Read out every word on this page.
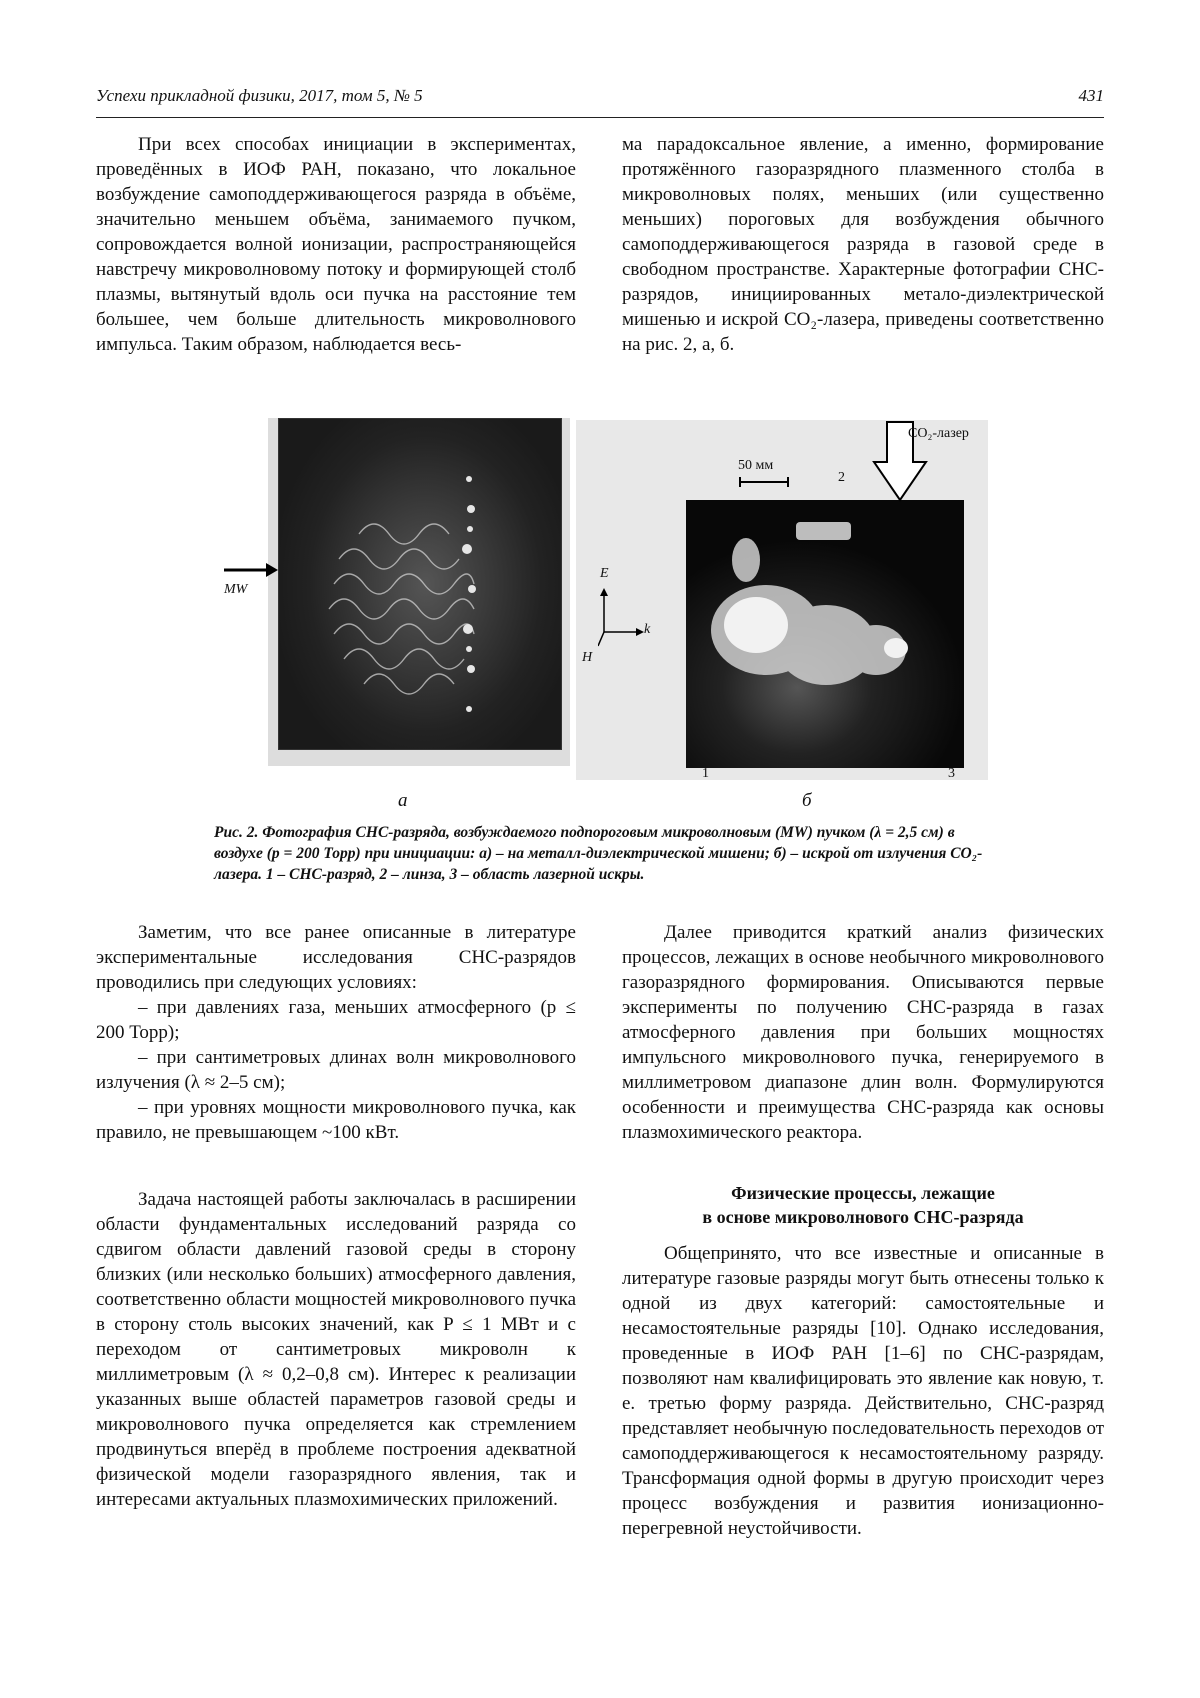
Успехи прикладной физики, 2017, том 5, № 5	431

При всех способах инициации в экспериментах, проведённых в ИОФ РАН, показано, что локальное возбуждение самоподдерживающегося разряда в объёме, значительно меньшем объёма, занимаемого пучком, сопровождается волной ионизации, распространяющейся навстречу микроволновому потоку и формирующей столб плазмы, вытянутый вдоль оси пучка на расстояние тем большее, чем больше длительность микроволнового импульса. Таким образом, наблюдается весь-

ма парадоксальное явление, а именно, формирование протяжённого газоразрядного плазменного столба в микроволновых полях, меньших (или существенно меньших) пороговых для возбуждения обычного самоподдерживающегося разряда в газовой среде в свободном пространстве. Характерные фотографии СНС-разрядов, инициированных метало-диэлектрической мишенью и искрой CO₂-лазера, приведены соответственно на рис. 2, а, б.

MW
а
CO₂-лазер
50 мм
2
E
k
H
1	3
б
Рис. 2. Фотография СНС-разряда, возбуждаемого подпороговым микроволновым (MW) пучком (λ = 2,5 см) в воздухе (p = 200 Торр) при инициации: а) – на металл-диэлектрической мишени; б) – искрой от излучения CO₂-лазера. 1 – СНС-разряд, 2 – линза, 3 – область лазерной искры.

Заметим, что все ранее описанные в литературе экспериментальные исследования СНС-разрядов проводились при следующих условиях:

– при давлениях газа, меньших атмосферного (p ≤ 200 Торр);

– при сантиметровых длинах волн микроволнового излучения (λ ≈ 2–5 см);

– при уровнях мощности микроволнового пучка, как правило, не превышающем ~100 кВт.

Задача настоящей работы заключалась в расширении области фундаментальных исследований разряда со сдвигом области давлений газовой среды в сторону близких (или несколько больших) атмосферного давления, соответственно области мощностей микроволнового пучка в сторону столь высоких значений, как P ≤ 1 МВт и с переходом от сантиметровых микроволн к миллиметровым (λ ≈ 0,2–0,8 см). Интерес к реализации указанных выше областей параметров газовой среды и микроволнового пучка определяется как стремлением продвинуться вперёд в проблеме построения адекватной физической модели газоразрядного явления, так и интересами актуальных плазмохимических приложений.

Далее приводится краткий анализ физических процессов, лежащих в основе необычного микроволнового газоразрядного формирования. Описываются первые эксперименты по получению СНС-разряда в газах атмосферного давления при больших мощностях импульсного микроволнового пучка, генерируемого в миллиметровом диапазоне длин волн. Формулируются особенности и преимущества СНС-разряда как основы плазмохимического реактора.

Физические процессы, лежащие

в основе микроволнового СНС-разряда

Общепринято, что все известные и описанные в литературе газовые разряды могут быть отнесены только к одной из двух категорий: самостоятельные и несамостоятельные разряды [10]. Однако исследования, проведенные в ИОФ РАН [1–6] по СНС-разрядам, позволяют нам квалифицировать это явление как новую, т. е. третью форму разряда. Действительно, СНС-разряд представляет необычную последовательность переходов от самоподдерживающегося к несамостоятельному разряду. Трансформация одной формы в другую происходит через процесс возбуждения и развития ионизационно-перегревной неустойчивости.
